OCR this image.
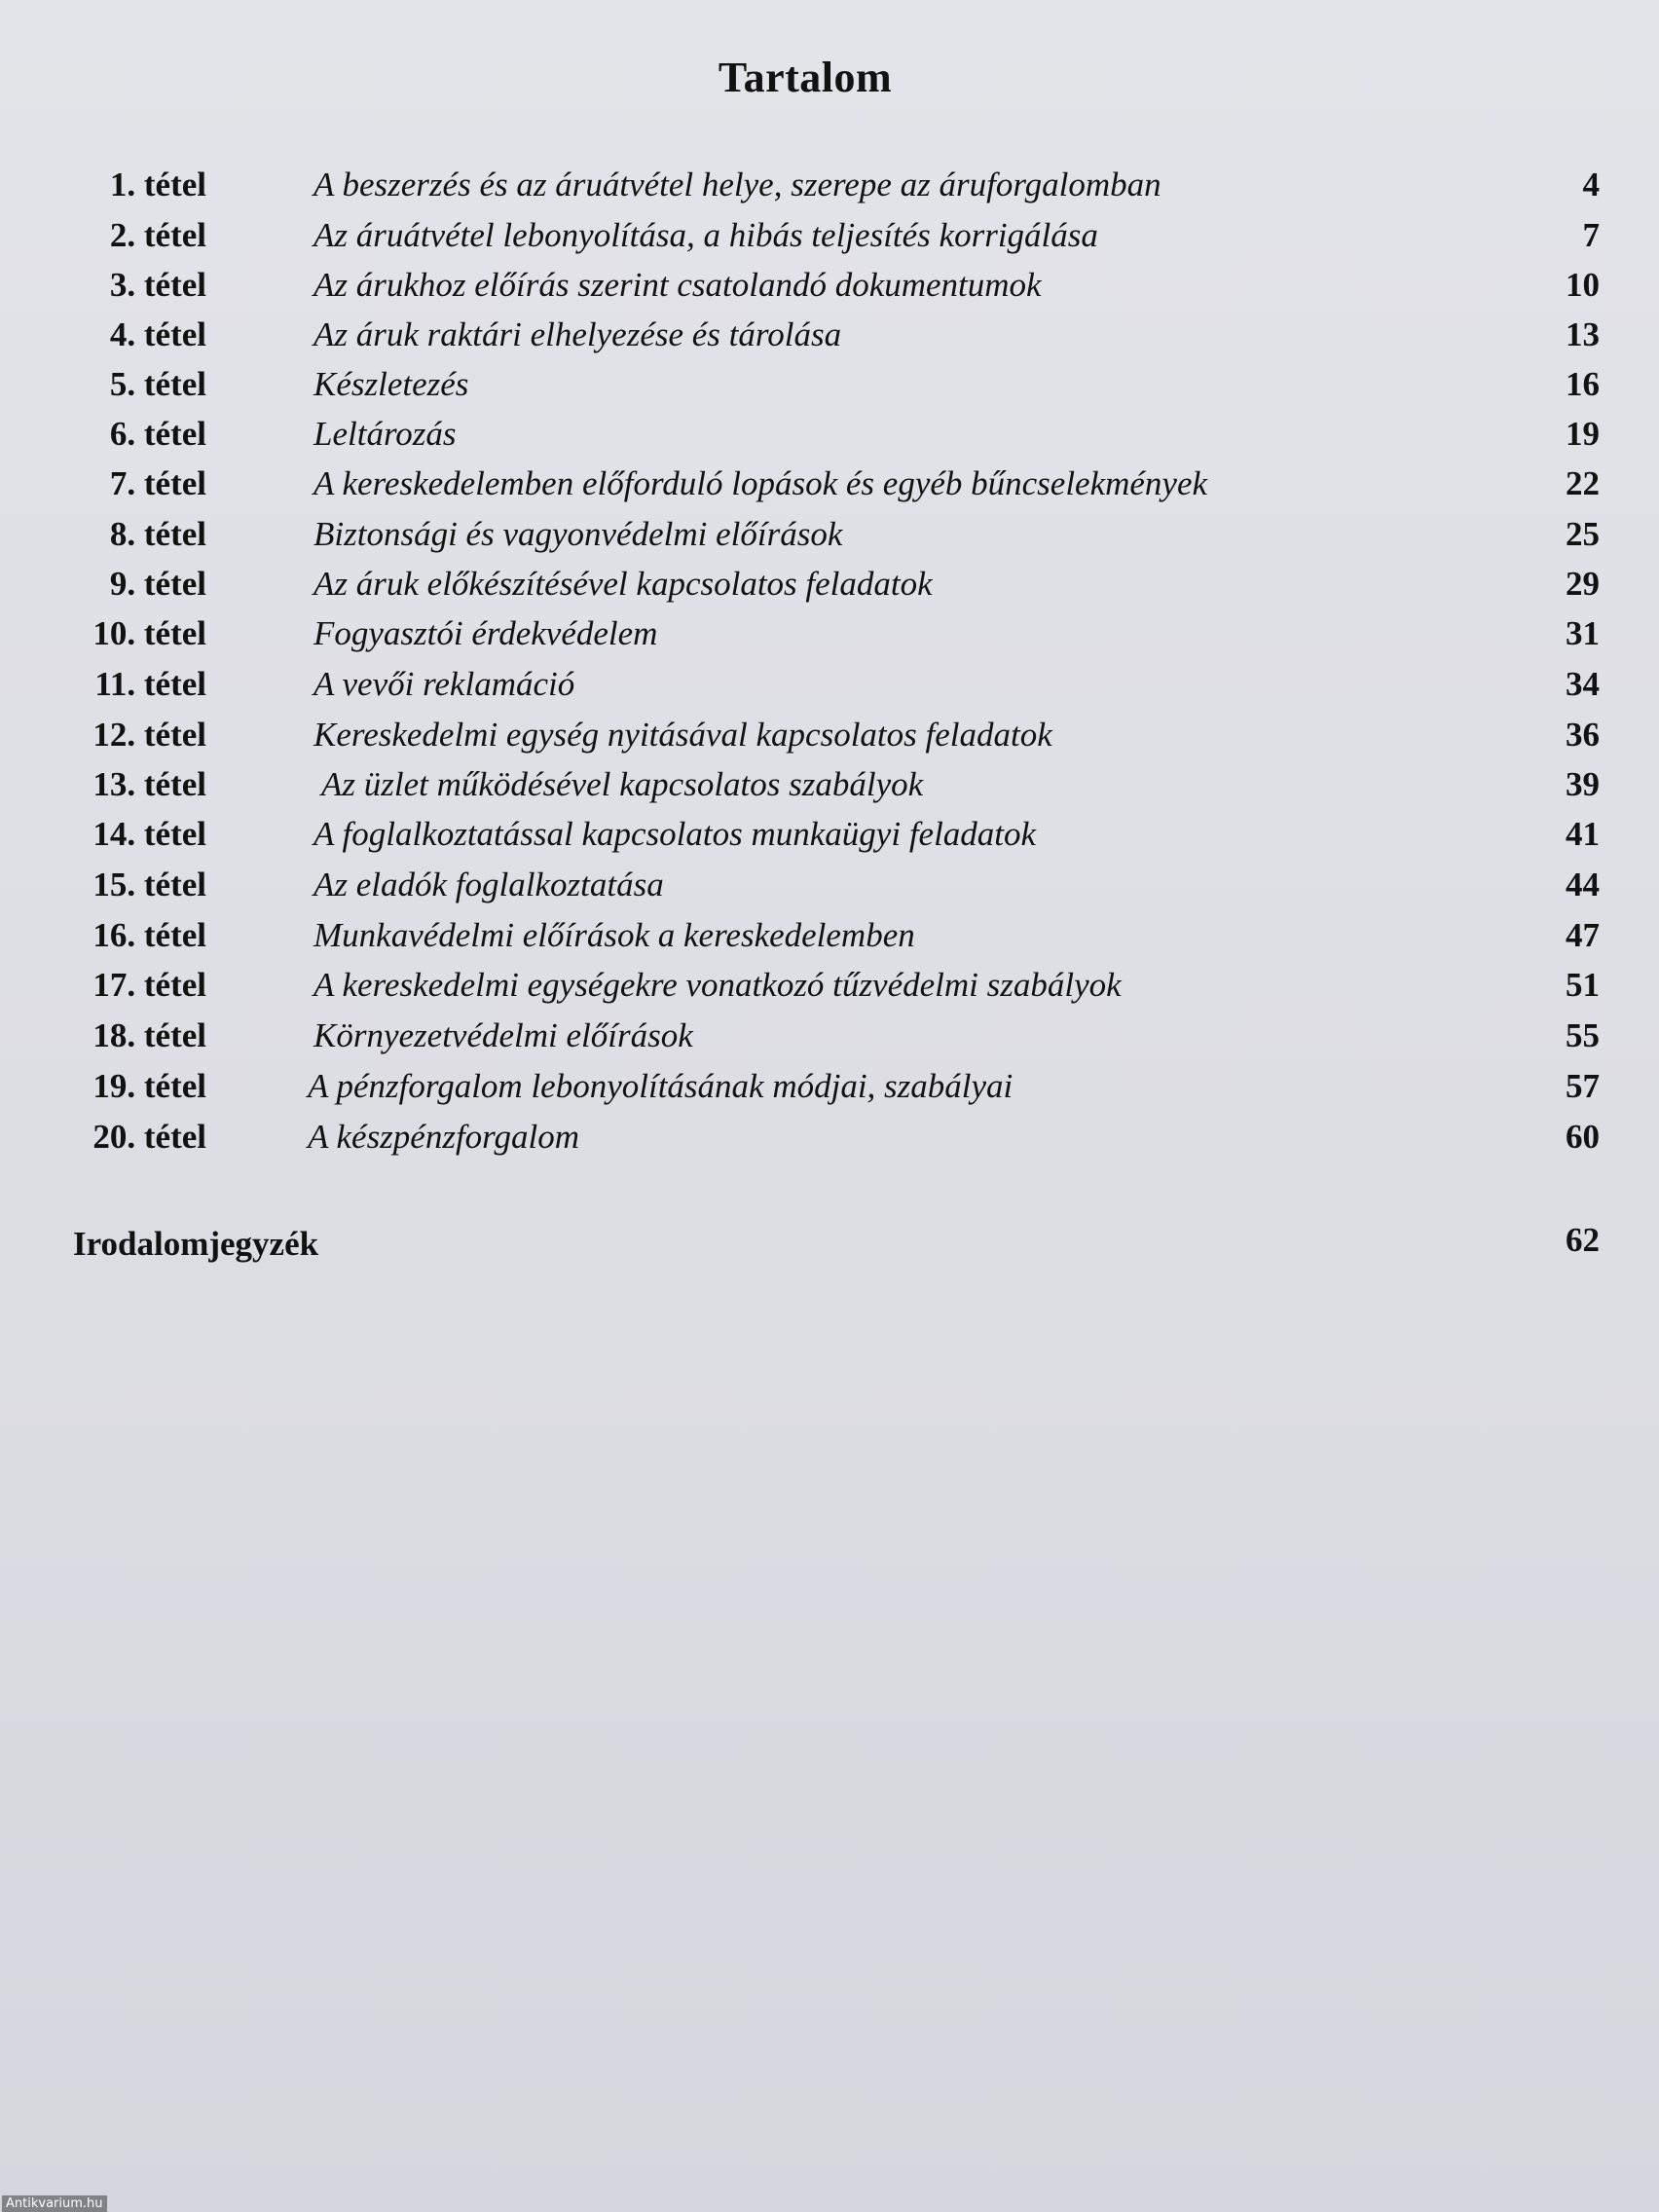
Tartalom
1. tétel	A beszerzés és az áruátvétel helye, szerepe az áruforgalomban	4
2. tétel	Az áruátvétel lebonyolítása, a hibás teljesítés korrigálása	7
3. tétel	Az árukhoz előírás szerint csatolandó dokumentumok	10
4. tétel	Az áruk raktári elhelyezése és tárolása	13
5. tétel	Készletezés	16
6. tétel	Leltározás	19
7. tétel	A kereskedelemben előforduló lopások és egyéb bűncselekmények	22
8. tétel	Biztonsági és vagyonvédelmi előírások	25
9. tétel	Az áruk előkészítésével kapcsolatos feladatok	29
10. tétel	Fogyasztói érdekvédelem	31
11. tétel	A vevői reklamáció	34
12. tétel	Kereskedelmi egység nyitásával kapcsolatos feladatok	36
13. tétel	Az üzlet működésével kapcsolatos szabályok	39
14. tétel	A foglalkoztatással kapcsolatos munkaügyi feladatok	41
15. tétel	Az eladók foglalkoztatása	44
16. tétel	Munkavédelmi előírások a kereskedelemben	47
17. tétel	A kereskedelmi egységekre vonatkozó tűzvédelmi szabályok	51
18. tétel	Környezetvédelmi előírások	55
19. tétel	A pénzforgalom lebonyolításának módjai, szabályai	57
20. tétel	A készpénzforgalom	60
Irodalomjegyzék	62
Antikvarium.hu
